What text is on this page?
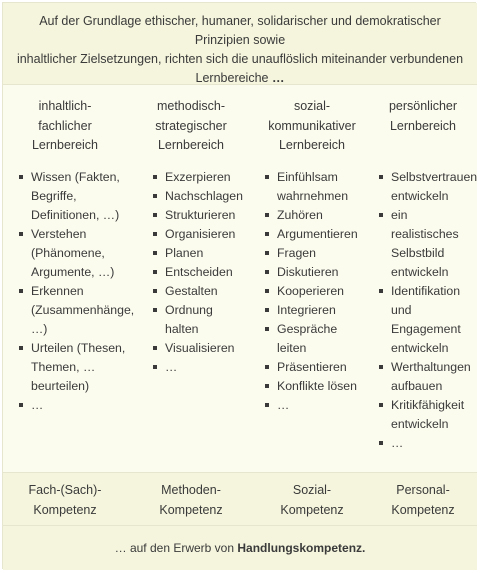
Auf der Grundlage ethischer, humaner, solidarischer und demokratischer Prinzipien sowie
inhaltlicher Zielsetzungen, richten sich die unauflöslich miteinander verbundenen
Lernbereiche …
inhaltlich-
fachlicher
Lernbereich
methodisch-
strategischer
Lernbereich
sozial-
kommunikativer
Lernbereich
persönlicher
Lernbereich
Wissen (Fakten,
Begriffe,
Definitionen, …)
Verstehen
(Phänomene,
Argumente, …)
Erkennen
(Zusammenhänge,
…)
Urteilen (Thesen,
Themen, …
beurteilen)
…
Exzerpieren
Nachschlagen
Strukturieren
Organisieren
Planen
Entscheiden
Gestalten
Ordnung
halten
Visualisieren
…
Einfühlsam
wahrnehmen
Zuhören
Argumentieren
Fragen
Diskutieren
Kooperieren
Integrieren
Gespräche
leiten
Präsentieren
Konflikte lösen
…
Selbstvertrauen
entwickeln
ein
realistisches
Selbstbild
entwickeln
Identifikation
und
Engagement
entwickeln
Werthaltungen
aufbauen
Kritikfähigkeit
entwickeln
…
Fach-(Sach)-
Kompetenz
Methoden-
Kompetenz
Sozial-
Kompetenz
Personal-
Kompetenz
… auf den Erwerb von Handlungskompetenz.
